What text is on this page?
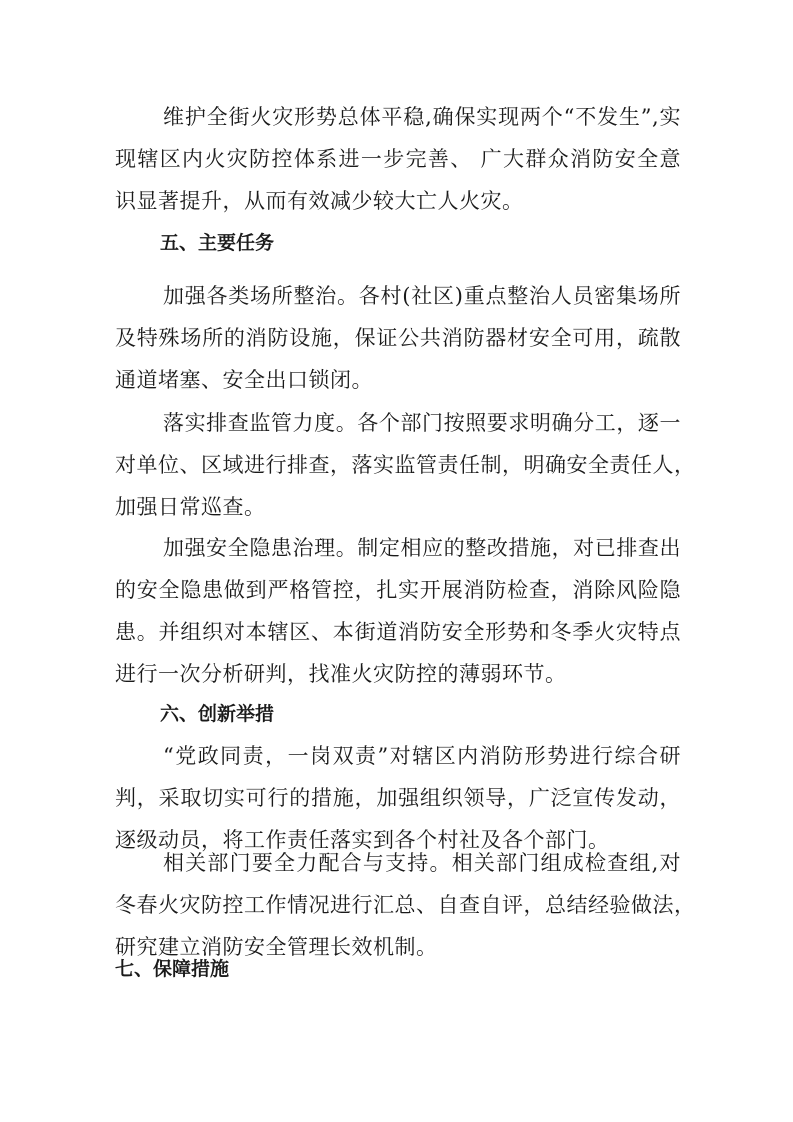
维护全街火灾形势总体平稳,确保实现两个“不发生”,实
现辖区内火灾防控体系进一步完善、 广大群众消防安全意
识显著提升，从而有效减少较大亡人火灾。
五、主要任务
加强各类场所整治。各村(社区)重点整治人员密集场所
及特殊场所的消防设施，保证公共消防器材安全可用，疏散
通道堵塞、安全出口锁闭。
落实排查监管力度。各个部门按照要求明确分工，逐一
对单位、区域进行排查，落实监管责任制，明确安全责任人，
加强日常巡查。
加强安全隐患治理。制定相应的整改措施，对已排查出
的安全隐患做到严格管控，扎实开展消防检查，消除风险隐
患。并组织对本辖区、本街道消防安全形势和冬季火灾特点
进行一次分析研判，找准火灾防控的薄弱环节。
六、创新举措
“党政同责，一岗双责”对辖区内消防形势进行综合研
判，采取切实可行的措施，加强组织领导，广泛宣传发动，
逐级动员，将工作责任落实到各个村社及各个部门。
相关部门要全力配合与支持。相关部门组成检查组,对
冬春火灾防控工作情况进行汇总、自查自评，总结经验做法，
研究建立消防安全管理长效机制。
七、保障措施
